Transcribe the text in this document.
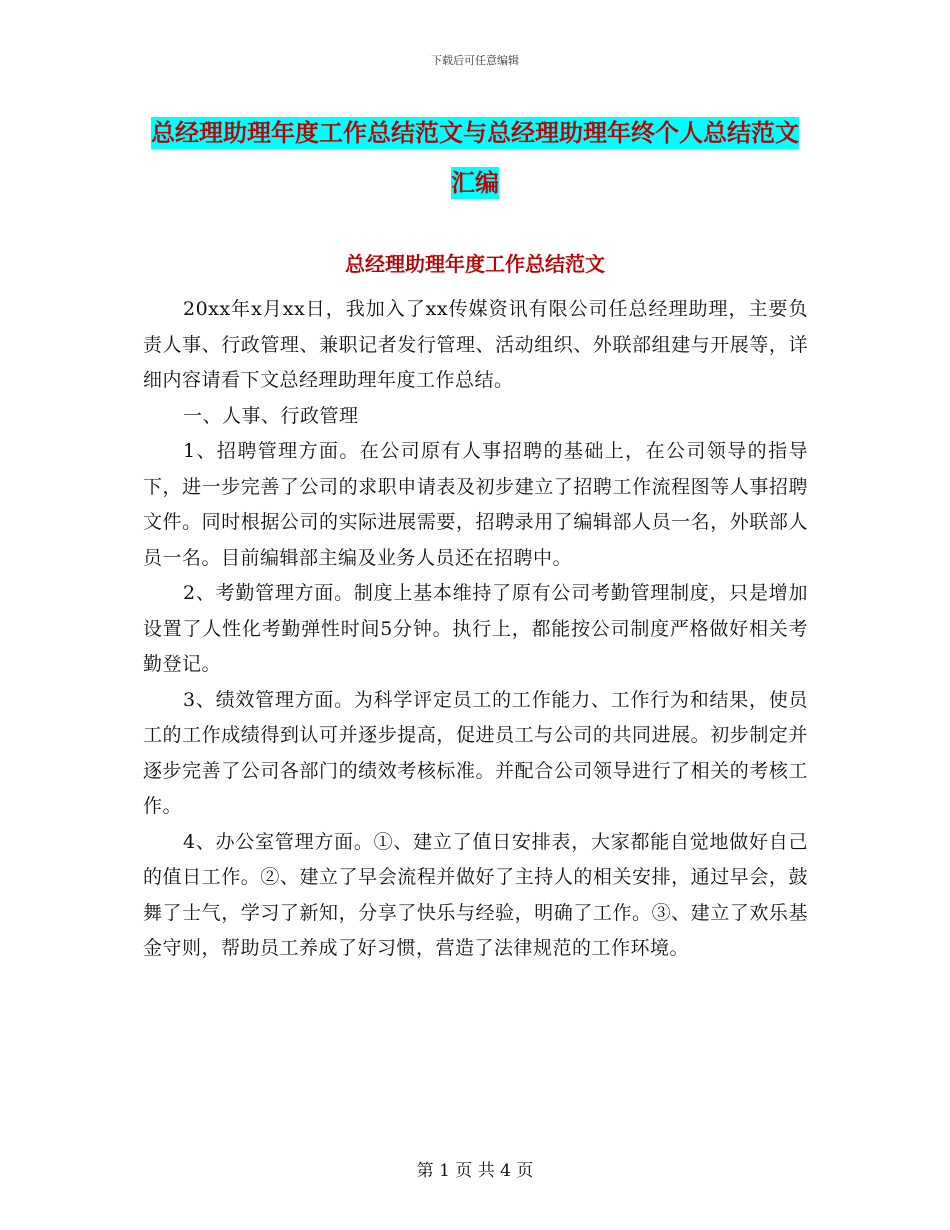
下载后可任意编辑
总经理助理年度工作总结范文与总经理助理年终个人总结范文汇编
总经理助理年度工作总结范文

20xx年x月xx日，我加入了xx传媒资讯有限公司任总经理助理，主要负责人事、行政管理、兼职记者发行管理、活动组织、外联部组建与开展等，详细内容请看下文总经理助理年度工作总结。

一、人事、行政管理

1、招聘管理方面。在公司原有人事招聘的基础上，在公司领导的指导下，进一步完善了公司的求职申请表及初步建立了招聘工作流程图等人事招聘文件。同时根据公司的实际进展需要，招聘录用了编辑部人员一名，外联部人员一名。目前编辑部主编及业务人员还在招聘中。

2、考勤管理方面。制度上基本维持了原有公司考勤管理制度，只是增加设置了人性化考勤弹性时间5分钟。执行上，都能按公司制度严格做好相关考勤登记。

3、绩效管理方面。为科学评定员工的工作能力、工作行为和结果，使员工的工作成绩得到认可并逐步提高，促进员工与公司的共同进展。初步制定并逐步完善了公司各部门的绩效考核标准。并配合公司领导进行了相关的考核工作。

4、办公室管理方面。①、建立了值日安排表，大家都能自觉地做好自己的值日工作。②、建立了早会流程并做好了主持人的相关安排，通过早会，鼓舞了士气，学习了新知，分享了快乐与经验，明确了工作。③、建立了欢乐基金守则，帮助员工养成了好习惯，营造了法律规范的工作环境。

第 1 页 共 4 页
